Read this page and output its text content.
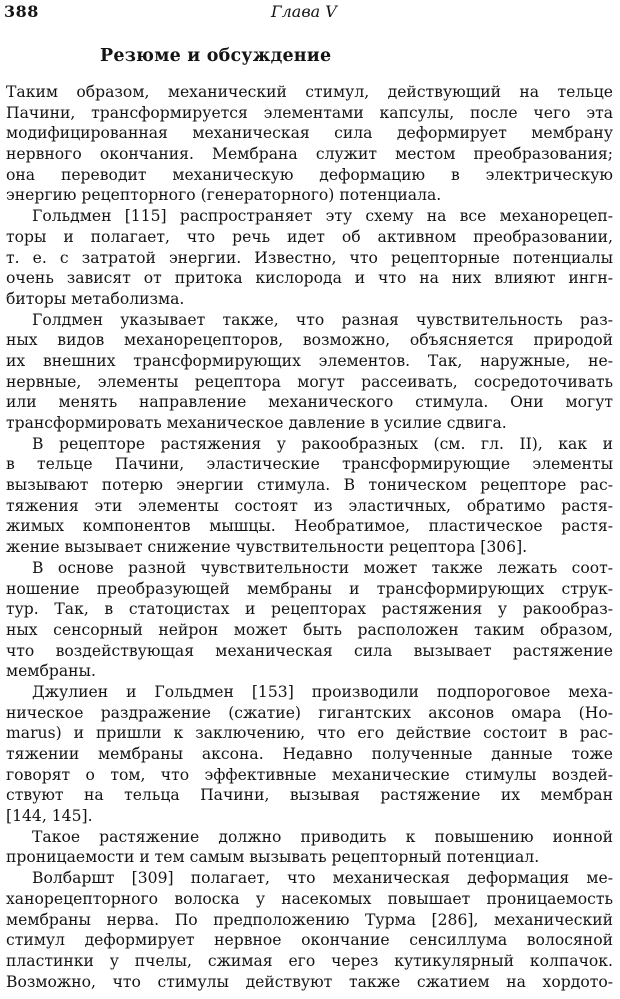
388	Глава V
Резюме и обсуждение
Таким образом, механический стимул, действующий на тельце
Пачини, трансформируется элементами капсулы, после чего эта
модифицированная механическая сила деформирует мембрану
нервного окончания. Мембрана служит местом преобразования;
она переводит механическую деформацию в электрическую
энергию рецепторного (генераторного) потенциала.
Гольдмен [115] распространяет эту схему на все механорецеп-
торы и полагает, что речь идет об активном преобразовании,
т. е. с затратой энергии. Известно, что рецепторные потенциалы
очень зависят от притока кислорода и что на них влияют ингн-
биторы метаболизма.
Голдмен указывает также, что разная чувствительность раз-
ных видов механорецепторов, возможно, объясняется природой
их внешних трансформирующих элементов. Так, наружные, не-
нервные, элементы рецептора могут рассеивать, сосредоточивать
или менять направление механического стимула. Они могут
трансформировать механическое давление в усилие сдвига.
В рецепторе растяжения у ракообразных (см. гл. II), как и
в тельце Пачини, эластические трансформирующие элементы
вызывают потерю энергии стимула. В тоническом рецепторе рас-
тяжения эти элементы состоят из эластичных, обратимо растя-
жимых компонентов мышцы. Необратимое, пластическое растя-
жение вызывает снижение чувствительности рецептора [306].
В основе разной чувствительности может также лежать соот-
ношение преобразующей мембраны и трансформирующих струк-
тур. Так, в статоцистах и рецепторах растяжения у ракообраз-
ных сенсорный нейрон может быть расположен таким образом,
что воздействующая механическая сила вызывает растяжение
мембраны.
Джулиен и Гольдмен [153] производили подпороговое меха-
ническое раздражение (сжатие) гигантских аксонов омара (Ho-
marus) и пришли к заключению, что его действие состоит в рас-
тяжении мембраны аксона. Недавно полученные данные тоже
говорят о том, что эффективные механические стимулы воздей-
ствуют на тельца Пачини, вызывая растяжение их мембран
[144, 145].
Такое растяжение должно приводить к повышению ионной
проницаемости и тем самым вызывать рецепторный потенциал.
Волбаршт [309] полагает, что механическая деформация ме-
ханорецепторного волоска у насекомых повышает проницаемость
мембраны нерва. По предположению Турма [286], механический
стимул деформирует нервное окончание сенсиллума волосяной
пластинки у пчелы, сжимая его через кутикулярный колпачок.
Возможно, что стимулы действуют также сжатием на хордото-
